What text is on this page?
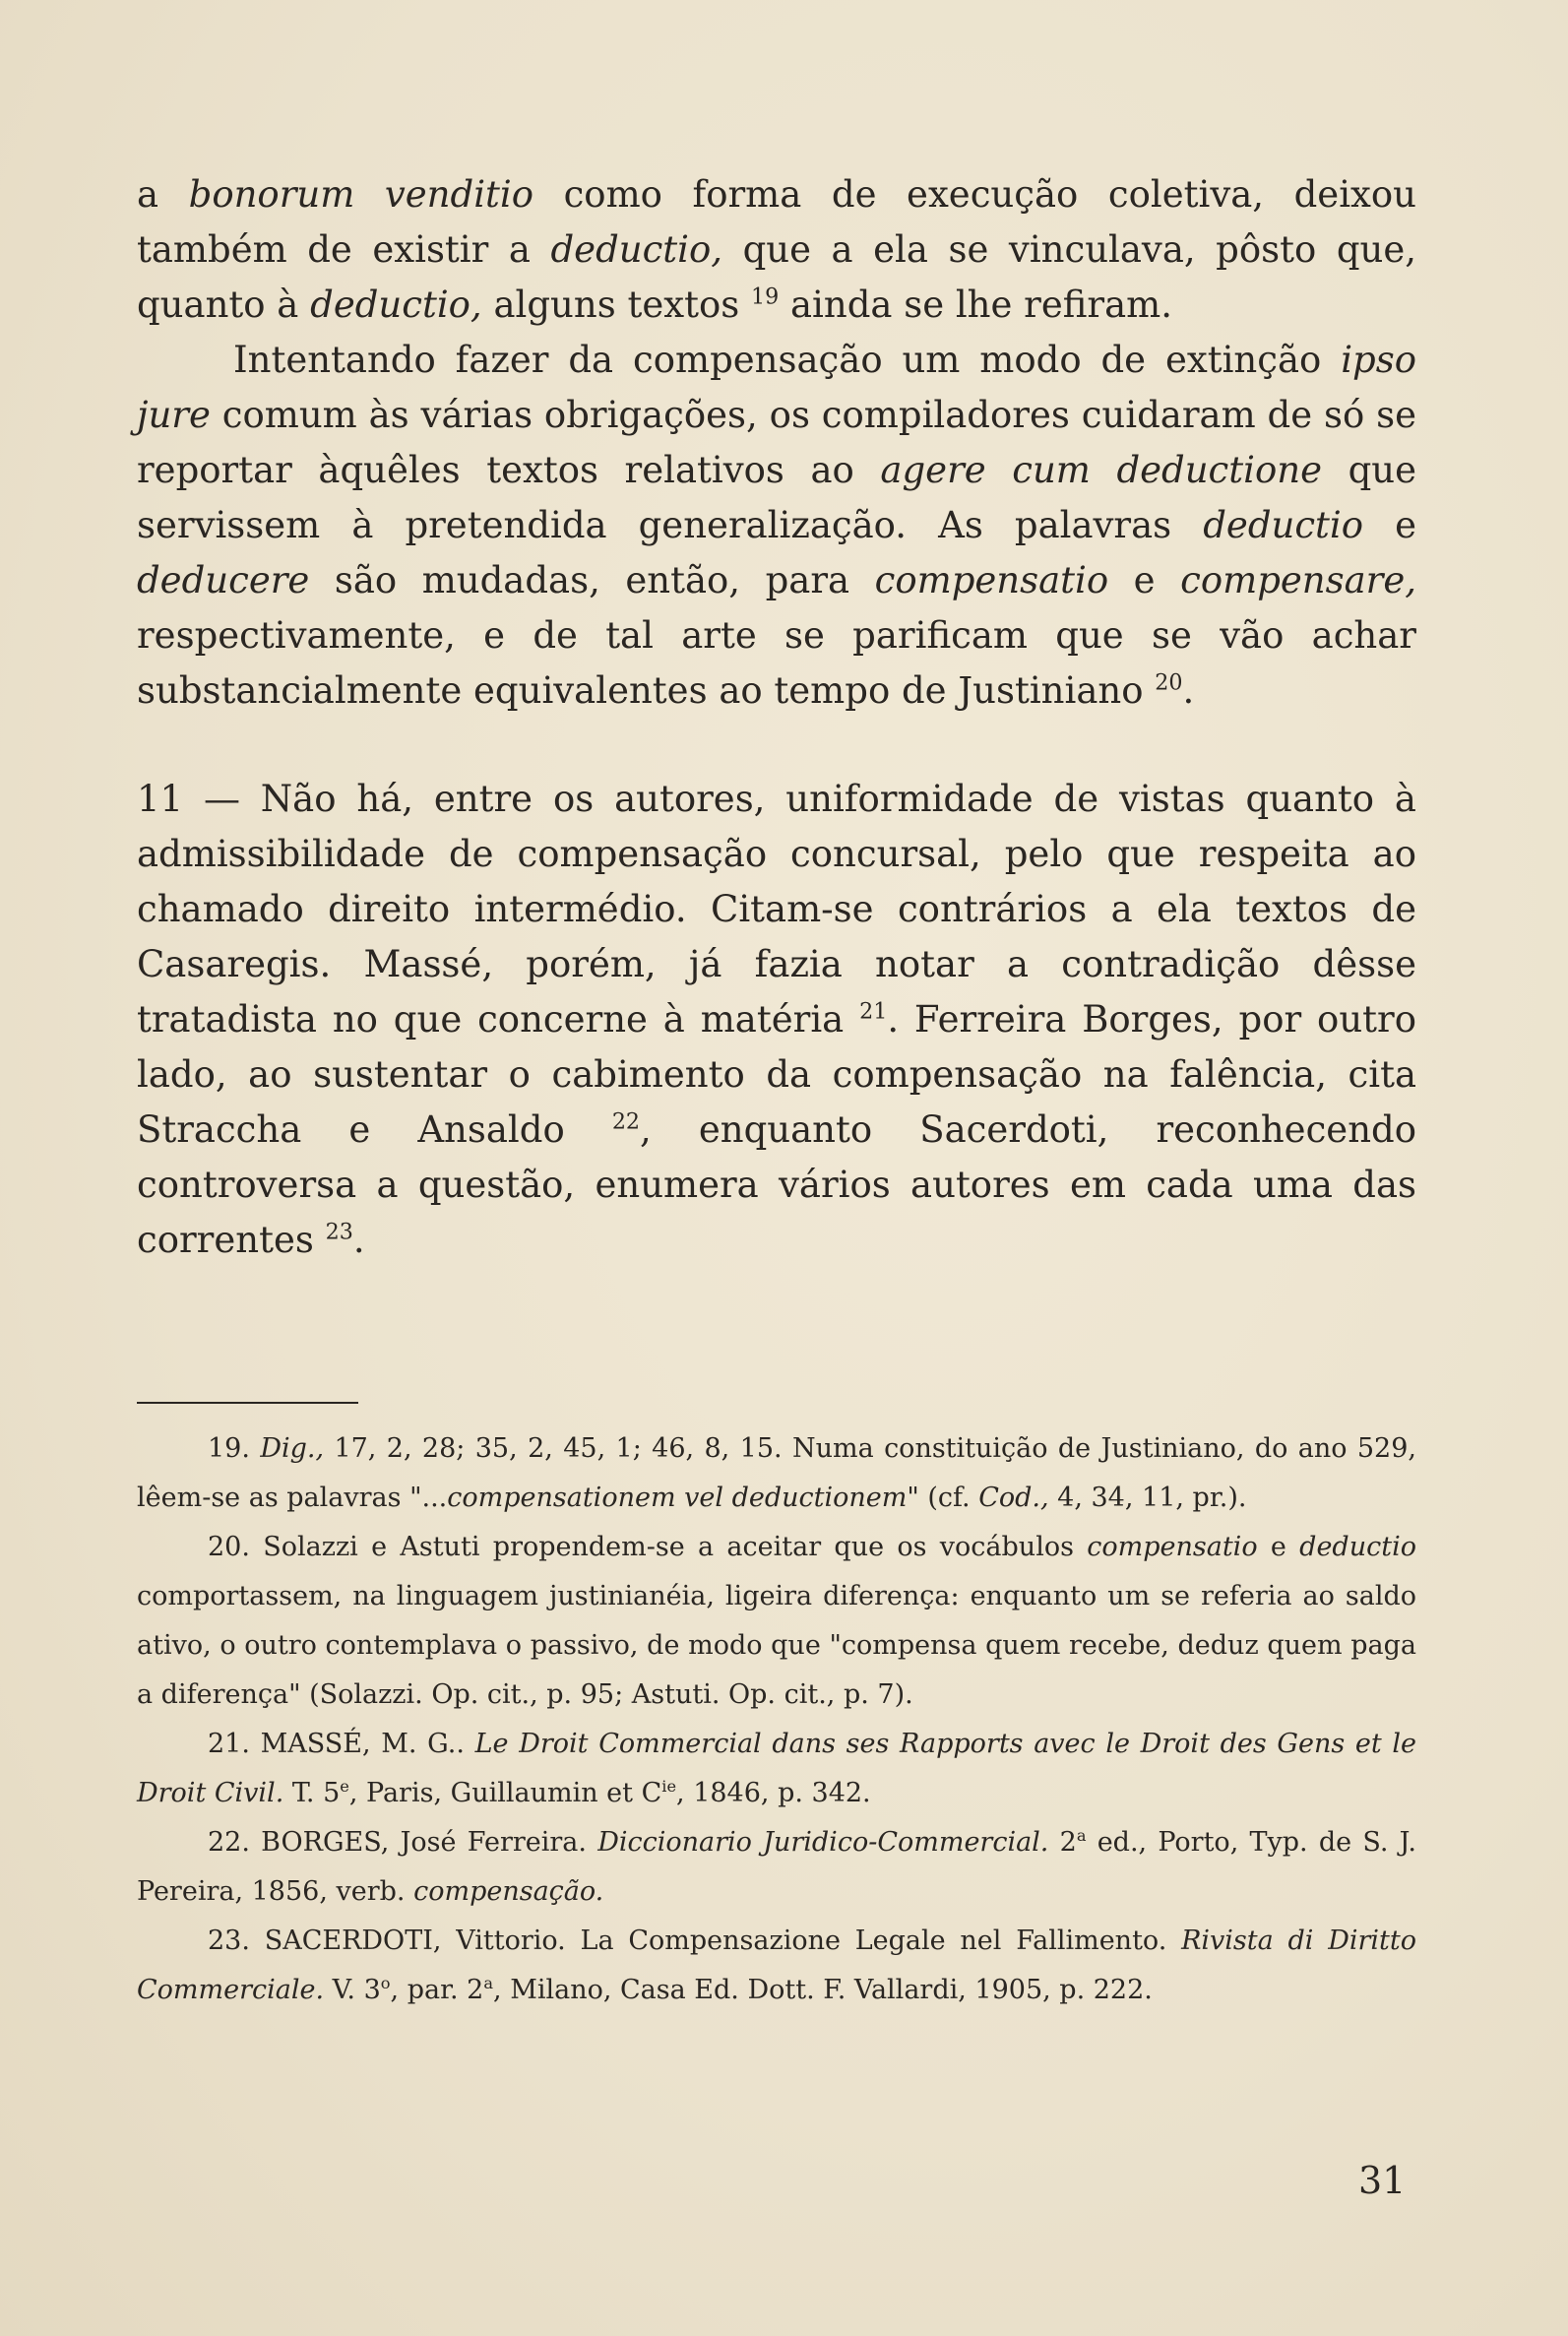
a bonorum venditio como forma de execução coletiva, deixou também de existir a deductio, que a ela se vinculava, pôsto que, quanto à deductio, alguns textos $^{19}$ ainda se lhe refiram.

Intentando fazer da compensação um modo de extinção ipso jure comum às várias obrigações, os compiladores cuidaram de só se reportar àquêles textos relativos ao agere cum deductione que servissem à pretendida generalização. As palavras deductio e deducere são mudadas, então, para compensatio e compensare, respectivamente, e de tal arte se parificam que se vão achar substancialmente equivalentes ao tempo de Justiniano $^{20}$.

11 — Não há, entre os autores, uniformidade de vistas quanto à admissibilidade de compensação concursal, pelo que respeita ao chamado direito intermédio. Citam-se contrários a ela textos de Casaregis. Massé, porém, já fazia notar a contradição dêsse tratadista no que concerne à matéria $^{21}$. Ferreira Borges, por outro lado, ao sustentar o cabimento da compensação na falência, cita Straccha e Ansaldo $^{22}$, enquanto Sacerdoti, reconhecendo controversa a questão, enumera vários autores em cada uma das correntes $^{23}$.

19. Dig., 17, 2, 28; 35, 2, 45, 1; 46, 8, 15. Numa constituição de Justiniano, do ano 529, lêem-se as palavras "...compensationem vel deductionem" (cf. Cod., 4, 34, 11, pr.).

20. Solazzi e Astuti propendem-se a aceitar que os vocábulos compensatio e deductio comportassem, na linguagem justinianéia, ligeira diferença: enquanto um se referia ao saldo ativo, o outro contemplava o passivo, de modo que "compensa quem recebe, deduz quem paga a diferença" (Solazzi. Op. cit., p. 95; Astuti. Op. cit., p. 7).

21. MASSÉ, M. G.. Le Droit Commercial dans ses Rapports avec le Droit des Gens et le Droit Civil. T. 5e, Paris, Guillaumin et $C^{ie}$, 1846, p. 342.

22. BORGES, José Ferreira. Diccionario Juridico-Commercial. 2$^a$ ed., Porto, Typ. de S. J. Pereira, 1856, verb. compensação.

23. SACERDOTI, Vittorio. La Compensazione Legale nel Fallimento. Rivista di Diritto Commerciale. V. 3$^o$, par. 2$^a$, Milano, Casa Ed. Dott. F. Vallardi, 1905, p. 222.

31
